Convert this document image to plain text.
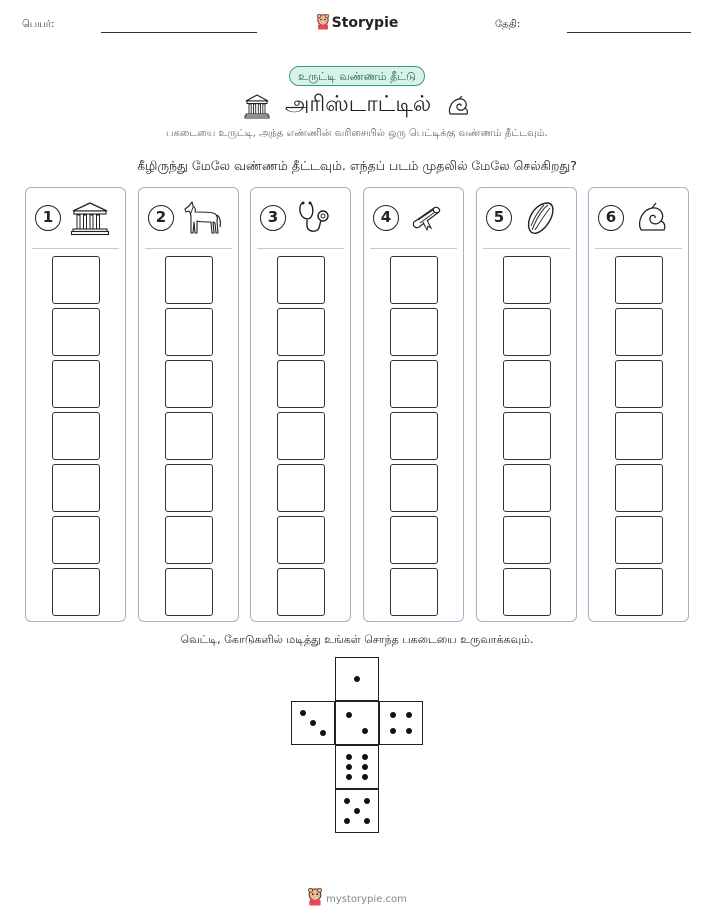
பெயர்:	Storypie	தேதி:
உருட்டி வண்ணம் தீட்டு
அரிஸ்டாட்டில்
பகடையை உருட்டி, அந்த எண்ணின் வரிசையில் ஒரு பெட்டிக்கு வண்ணம் தீட்டவும்.
கீழிருந்து மேலே வண்ணம் தீட்டவும். எந்தப் படம் முதலில் மேலே செல்கிறது?
1	2	3	4	5	6
வெட்டி, கோடுகளில் மடித்து உங்கள் சொந்த பகடையை உருவாக்கவும்.
mystorypie.com
